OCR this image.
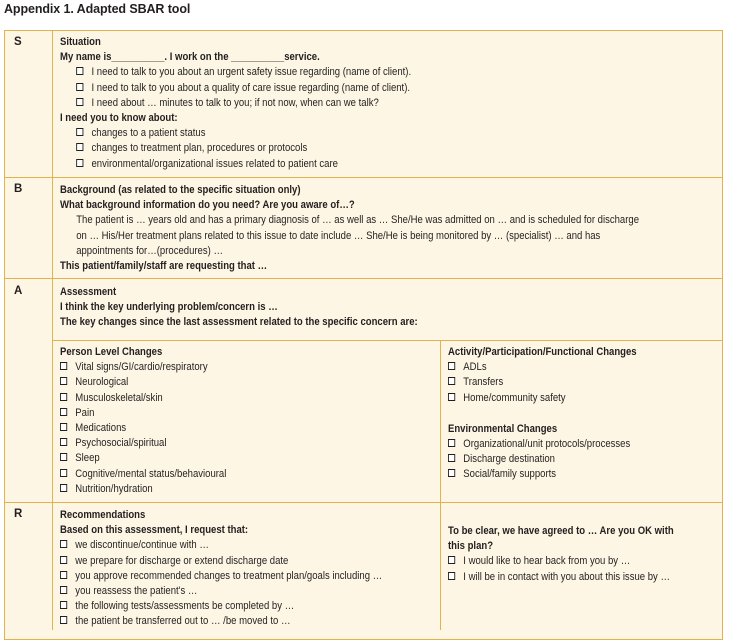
Appendix 1. Adapted SBAR tool
S
B
A
R
Situation
My name is__________. I work on the __________service.
I need to talk to you about an urgent safety issue regarding (name of client).
I need to talk to you about a quality of care issue regarding (name of client).
I need about … minutes to talk to you; if not now, when can we talk?
I need you to know about:
changes to a patient status
changes to treatment plan, procedures or protocols
environmental/organizational issues related to patient care
Background (as related to the specific situation only)
What background information do you need? Are you aware of…?
The patient is … years old and has a primary diagnosis of … as well as … She/He was admitted on … and is scheduled for discharge
on … His/Her treatment plans related to this issue to date include … She/He is being monitored by … (specialist) … and has
appointments for…(procedures) …
This patient/family/staff are requesting that …
Assessment
I think the key underlying problem/concern is …
The key changes since the last assessment related to the specific concern are:
Person Level Changes
Vital signs/GI/cardio/respiratory
Neurological
Musculoskeletal/skin
Pain
Medications
Psychosocial/spiritual
Sleep
Cognitive/mental status/behavioural
Nutrition/hydration
Activity/Participation/Functional Changes
ADLs
Transfers
Home/community safety
Environmental Changes
Organizational/unit protocols/processes
Discharge destination
Social/family supports
Recommendations
Based on this assessment, I request that:
we discontinue/continue with …
we prepare for discharge or extend discharge date
you approve recommended changes to treatment plan/goals including …
you reassess the patient's …
the following tests/assessments be completed by …
the patient be transferred out to … /be moved to …
To be clear, we have agreed to … Are you OK with
this plan?
I would like to hear back from you by …
I will be in contact with you about this issue by …
